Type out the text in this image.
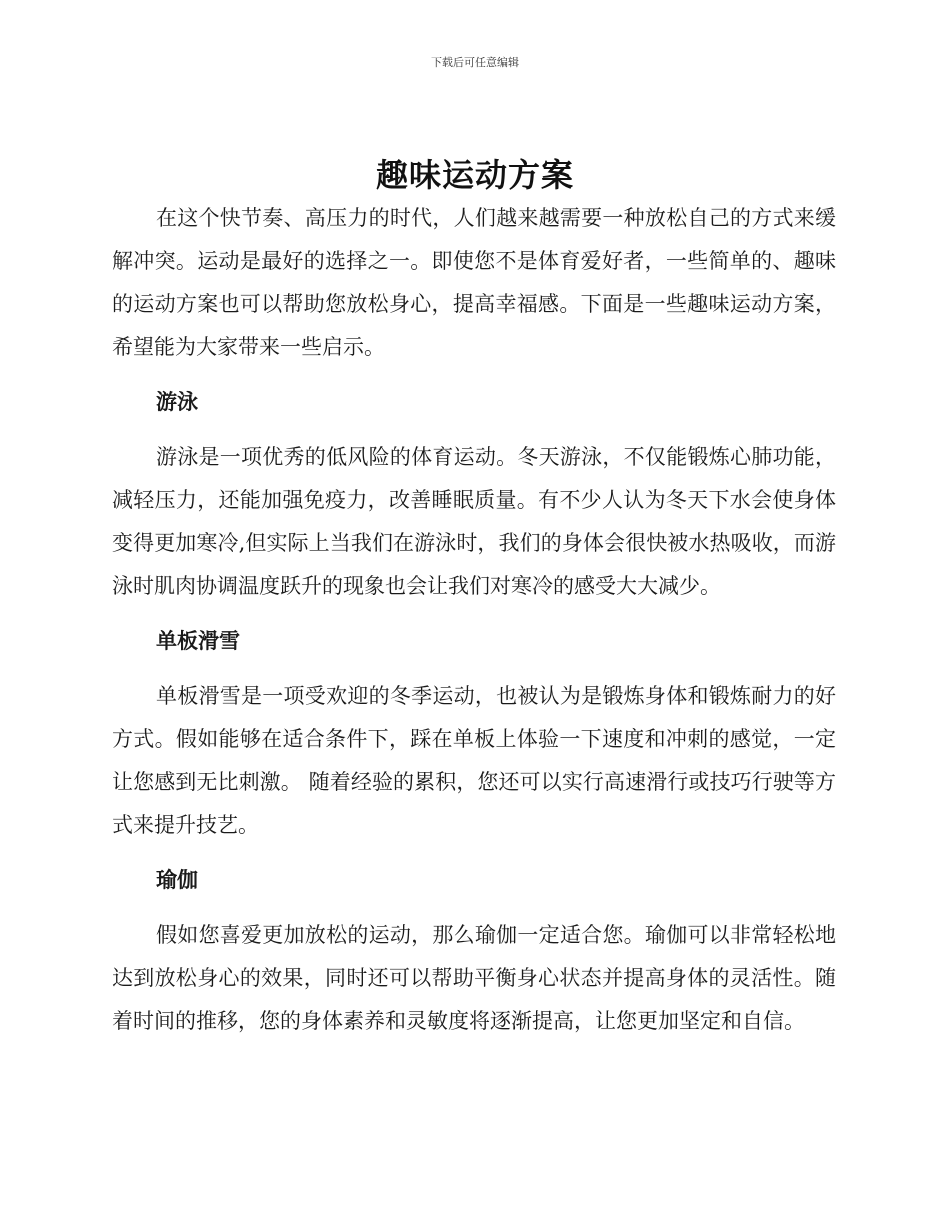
下载后可任意编辑
趣味运动方案

在这个快节奏、高压力的时代，人们越来越需要一种放松自己的方式来缓解冲突。运动是最好的选择之一。即使您不是体育爱好者，一些简单的、趣味的运动方案也可以帮助您放松身心，提高幸福感。下面是一些趣味运动方案，希望能为大家带来一些启示。

游泳

游泳是一项优秀的低风险的体育运动。冬天游泳，不仅能锻炼心肺功能，减轻压力，还能加强免疫力，改善睡眠质量。有不少人认为冬天下水会使身体变得更加寒冷,但实际上当我们在游泳时，我们的身体会很快被水热吸收，而游泳时肌肉协调温度跃升的现象也会让我们对寒冷的感受大大减少。

单板滑雪

单板滑雪是一项受欢迎的冬季运动，也被认为是锻炼身体和锻炼耐力的好方式。假如能够在适合条件下，踩在单板上体验一下速度和冲刺的感觉，一定让您感到无比刺激。 随着经验的累积，您还可以实行高速滑行或技巧行驶等方式来提升技艺。

瑜伽

假如您喜爱更加放松的运动，那么瑜伽一定适合您。瑜伽可以非常轻松地达到放松身心的效果，同时还可以帮助平衡身心状态并提高身体的灵活性。随着时间的推移，您的身体素养和灵敏度将逐渐提高，让您更加坚定和自信。
